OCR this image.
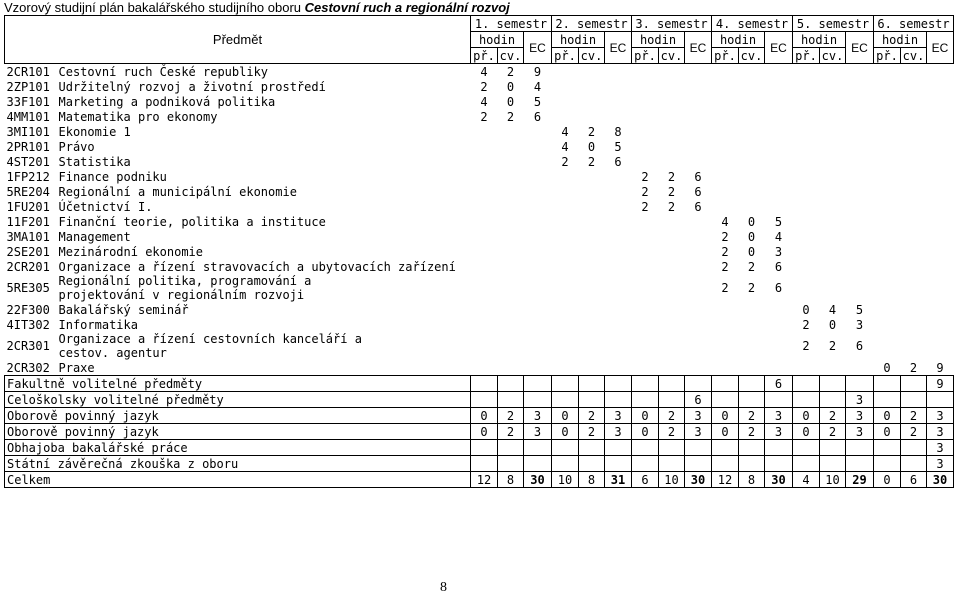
Vzorový studijní plán bakalářského studijního oboru Cestovní ruch a regionální rozvoj
Předmět		1. semestr			2. semestr			3. semestr			4. semestr			5. semestr			6. semestr		
		hodin		EC	hodin		EC	hodin		EC	hodin		EC	hodin		EC	hodin		EC
		př.	cv.		př.	cv.		př.	cv.		př.	cv.		př.	cv.		př.	cv.	
2CR101	Cestovní ruch České republiky	4	2	9															
2ZP101	Udržitelný rozvoj a životní prostředí	2	0	4															
33F101	Marketing a podniková politika	4	0	5															
4MM101	Matematika pro ekonomy	2	2	6															
3MI101	Ekonomie 1				4	2	8												
2PR101	Právo				4	0	5												
4ST201	Statistika				2	2	6												
1FP212	Finance podniku							2	2	6									
5RE204	Regionální a municipální ekonomie							2	2	6									
1FU201	Účetnictví I.							2	2	6									
11F201	Finanční teorie, politika a instituce										4	0	5						
3MA101	Management										2	0	4						
2SE201	Mezinárodní ekonomie										2	0	3						
2CR201	Organizace a řízení stravovacích a ubytovacích zařízení										2	2	6						
5RE305	Regionální politika, programování a projektování v regionálním rozvoji										2	2	6						
22F300	Bakalářský seminář													0	4	5			
4IT302	Informatika													2	0	3			
2CR301	Organizace a řízení cestovních kanceláří a cestov. agentur													2	2	6			
2CR302	Praxe																0	2	9
Fakultně volitelné předměty													6						9
Celoškolsky volitelné předměty										6						3			
Oborově povinný jazyk		0	2	3	0	2	3	0	2	3	0	2	3	0	2	3	0	2	3
Oborově povinný jazyk		0	2	3	0	2	3	0	2	3	0	2	3	0	2	3	0	2	3
Obhajoba bakalářské práce																			3
Státní závěrečná zkouška z oboru																			3
Celkem		12	8	30	10	8	31	6	10	30	12	8	30	4	10	29	0	6	30
8
